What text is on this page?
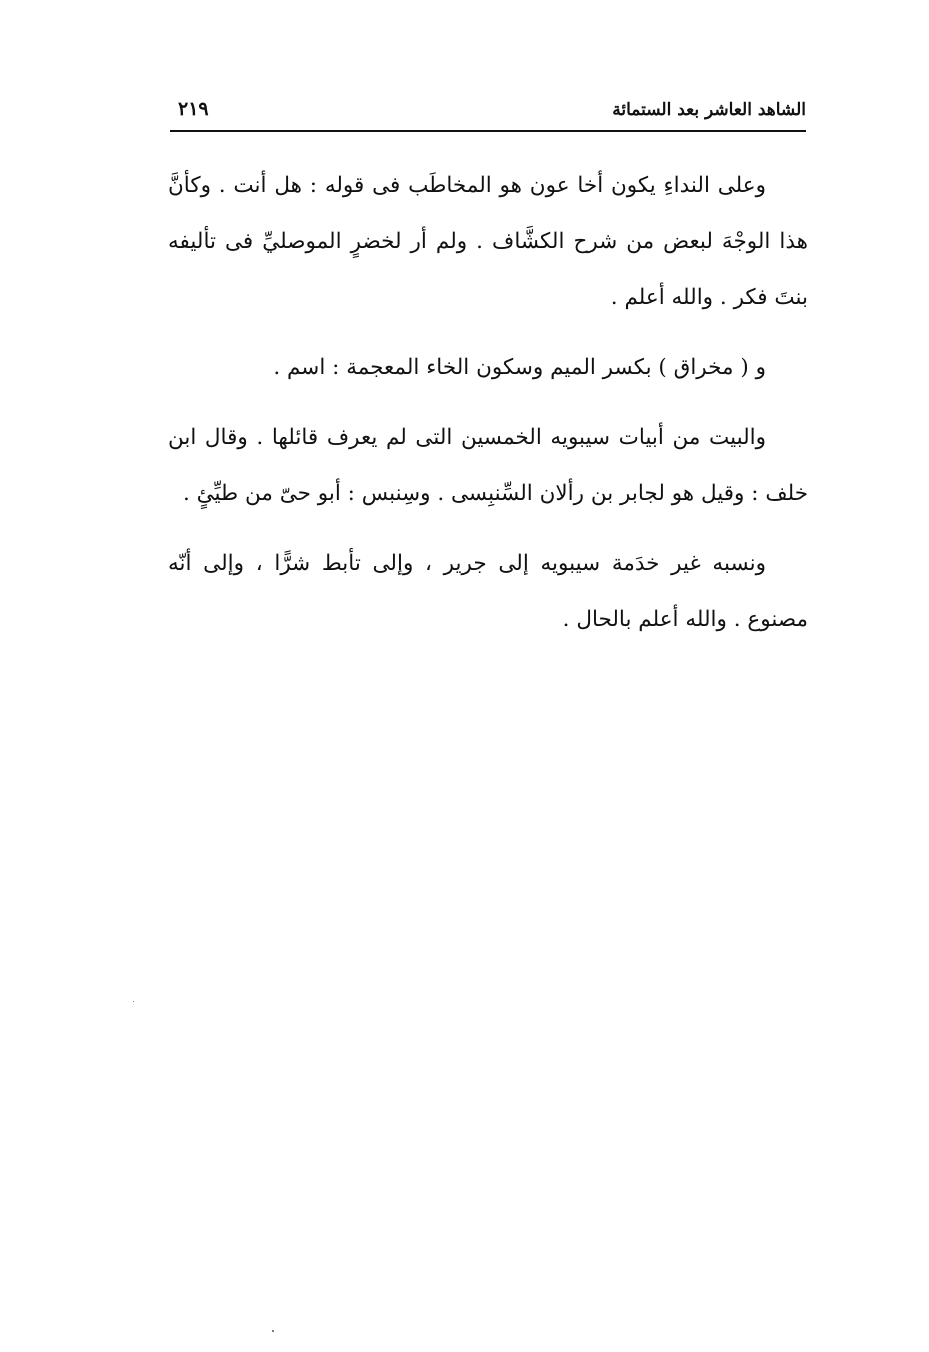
الشاهد العاشر بعد الستمائة
٢١٩

وعلى النداءِ يكون أخا عون هو المخاطَب فى قوله : هل أنت . وكأنَّ هذا الوجْهَ لبعض من شرح الكشَّاف . ولم أر لخضرٍ الموصليِّ فى تأليفه بنتَ فكر . والله أعلم .

و ( مخراق ) بكسر الميم وسكون الخاء المعجمة : اسم .

والبيت من أبيات سيبويه الخمسين التى لم يعرف قائلها . وقال ابن خلف : وقيل هو لجابر بن رألان السِّنبِسى . وسِنبس : أبو حىّ من طيِّئٍ .

ونسبه غير خدَمة سيبويه إلى جرير ، وإلى تأبط شرًّا ، وإلى أنّه مصنوع . والله أعلم بالحال .
